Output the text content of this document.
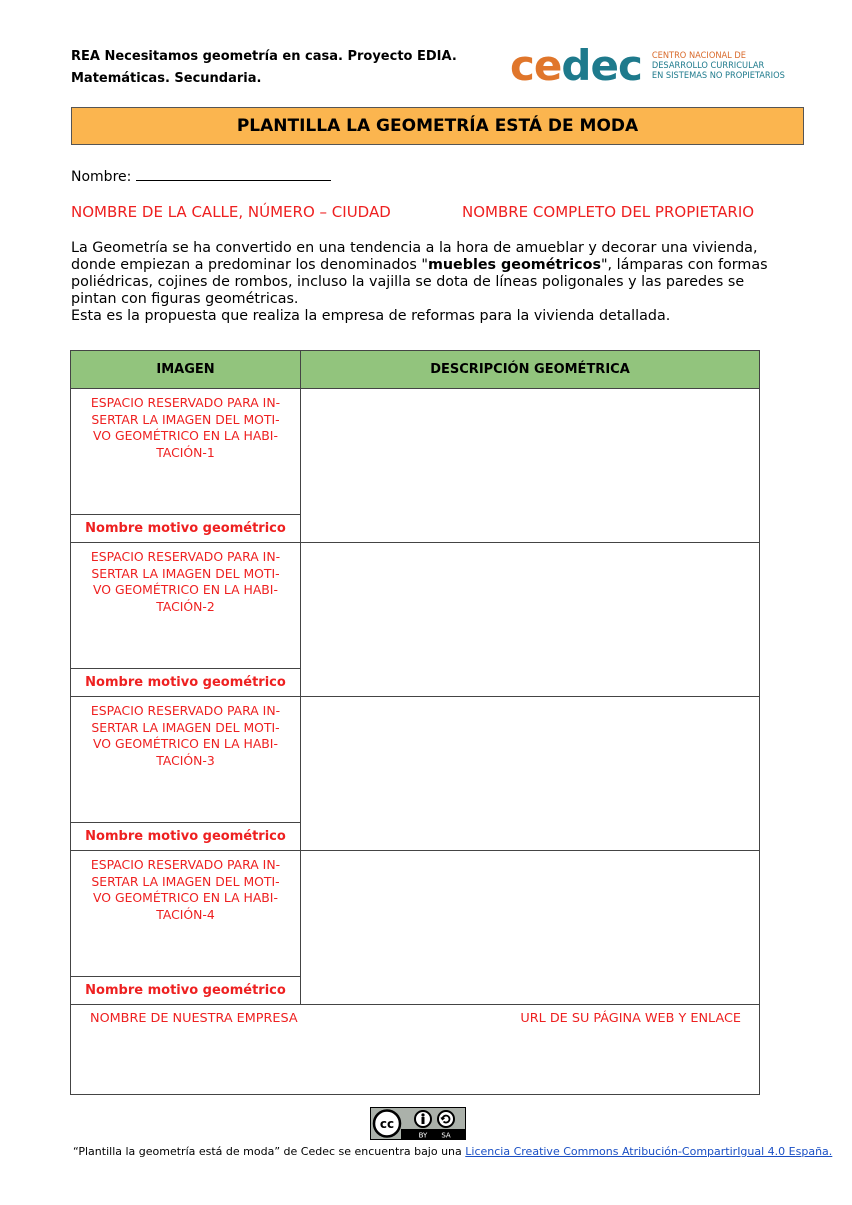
REA Necesitamos geometría en casa. Proyecto EDIA.
Matemáticas. Secundaria.	cedec CENTRO NACIONAL DE
DESARROLLO CURRICULAR
EN SISTEMAS NO PROPIETARIOS
PLANTILLA LA GEOMETRÍA ESTÁ DE MODA
Nombre:
NOMBRE DE LA CALLE, NÚMERO – CIUDAD	NOMBRE COMPLETO DEL PROPIETARIO

La Geometría se ha convertido en una tendencia a la hora de amueblar y decorar una vivienda, donde empiezan a predominar los denominados "muebles geométricos", lámparas con formas poliédricas, cojines de rombos, incluso la vajilla se dota de líneas poligonales y las paredes se pintan con figuras geométricas.

Esta es la propuesta que realiza la empresa de reformas para la vivienda detallada.

IMAGEN	DESCRIPCIÓN GEOMÉTRICA
ESPACIO RESERVADO PARA IN-SERTAR LA IMAGEN DEL MOTI-VO GEOMÉTRICO EN LA HABI-TACIÓN-1	
Nombre motivo geométrico	
ESPACIO RESERVADO PARA IN-SERTAR LA IMAGEN DEL MOTI-VO GEOMÉTRICO EN LA HABI-TACIÓN-2	
Nombre motivo geométrico	
ESPACIO RESERVADO PARA IN-SERTAR LA IMAGEN DEL MOTI-VO GEOMÉTRICO EN LA HABI-TACIÓN-3	
Nombre motivo geométrico	
ESPACIO RESERVADO PARA IN-SERTAR LA IMAGEN DEL MOTI-VO GEOMÉTRICO EN LA HABI-TACIÓN-4	
Nombre motivo geométrico	

NOMBRE DE NUESTRA EMPRESA URL DE SU PÁGINA WEB Y ENLACE	
cc
BY SA
“Plantilla la geometría está de moda” de Cedec se encuentra bajo una Licencia Creative Commons Atribución-CompartirIgual 4.0 España.
